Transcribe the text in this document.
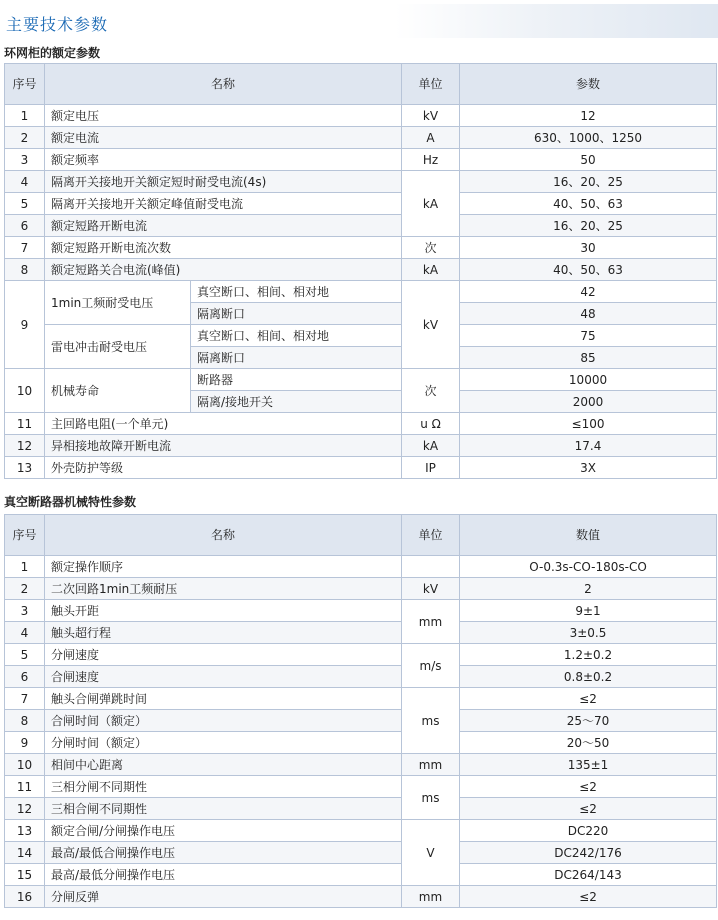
主要技术参数
环网柜的额定参数
序号	名称		单位	参数
1	额定电压		kV	12
2	额定电流		A	630、1000、1250
3	额定频率		Hz	50
4	隔离开关接地开关额定短时耐受电流(4s)		kA	16、20、25
5	隔离开关接地开关额定峰值耐受电流			40、50、63
6	额定短路开断电流			16、20、25
7	额定短路开断电流次数		次	30
8	额定短路关合电流(峰值)		kA	40、50、63
9	1min工频耐受电压	真空断口、相间、相对地	kV	42
		隔离断口		48
	雷电冲击耐受电压	真空断口、相间、相对地		75
		隔离断口		85
10	机械寿命	断路器	次	10000
		隔离/接地开关		2000
11	主回路电阻(一个单元)		u Ω	≤100
12	异相接地故障开断电流		kA	17.4
13	外壳防护等级		IP	3X
真空断路器机械特性参数
序号	名称	单位	数值
1	额定操作顺序		O-0.3s-CO-180s-CO
2	二次回路1min工频耐压	kV	2
3	触头开距	mm	9±1
4	触头超行程		3±0.5
5	分闸速度	m/s	1.2±0.2
6	合闸速度		0.8±0.2
7	触头合闸弹跳时间	ms	≤2
8	合闸时间（额定）		25～70
9	分闸时间（额定）		20～50
10	相间中心距离	mm	135±1
11	三相分闸不同期性	ms	≤2
12	三相合闸不同期性		≤2
13	额定合闸/分闸操作电压	V	DC220
14	最高/最低合闸操作电压		DC242/176
15	最高/最低分闸操作电压		DC264/143
16	分闸反弹	mm	≤2
